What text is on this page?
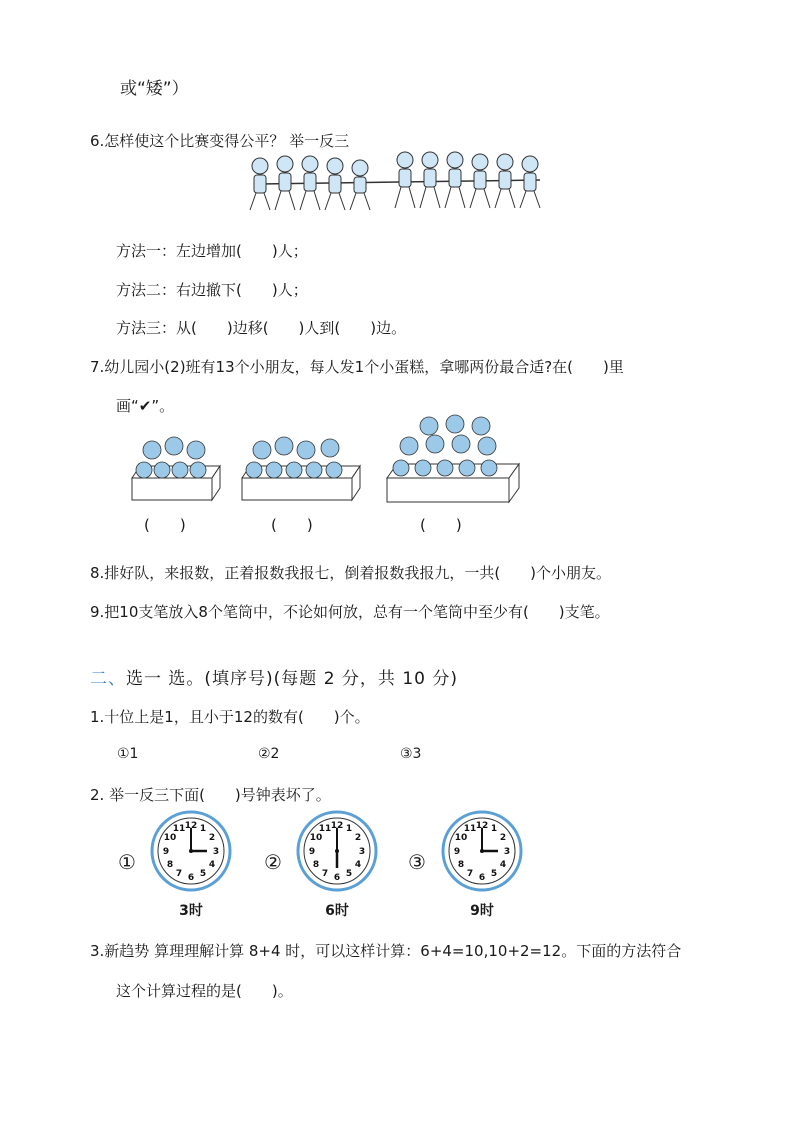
或“矮”）
6.怎样使这个比赛变得公平？ 举一反三
方法一：左边增加(　　)人；
方法二：右边撤下(　　)人；
方法三：从(　　)边移(　　)人到(　　)边。
7.幼儿园小(2)班有13个小朋友，每人发1个小蛋糕，拿哪两份最合适?在(　　)里
画“✔”。
(　　)	(　　)	(　　)
8.排好队，来报数，正着报数我报七，倒着报数我报九，一共(　　)个小朋友。
9.把10支笔放入8个笔筒中，不论如何放，总有一个笔筒中至少有(　　)支笔。
二、选一 选。(填序号)(每题 2 分，共 10 分)
1.十位上是1，且小于12的数有(　　)个。
①1	②2	③3
2. 举一反三下面(　　)号钟表坏了。
①	②	③
12 1
2
3
4
5
6
7
8
9
10
11	12 1
2
3
4
5
6
7
8
9
10
11	12 1
2
3
4
5
6
7
8
9
10
11
3时	6时	9时
3.新趋势 算理理解计算 8+4 时，可以这样计算：6+4=10,10+2=12。下面的方法符合
这个计算过程的是(　　)。
